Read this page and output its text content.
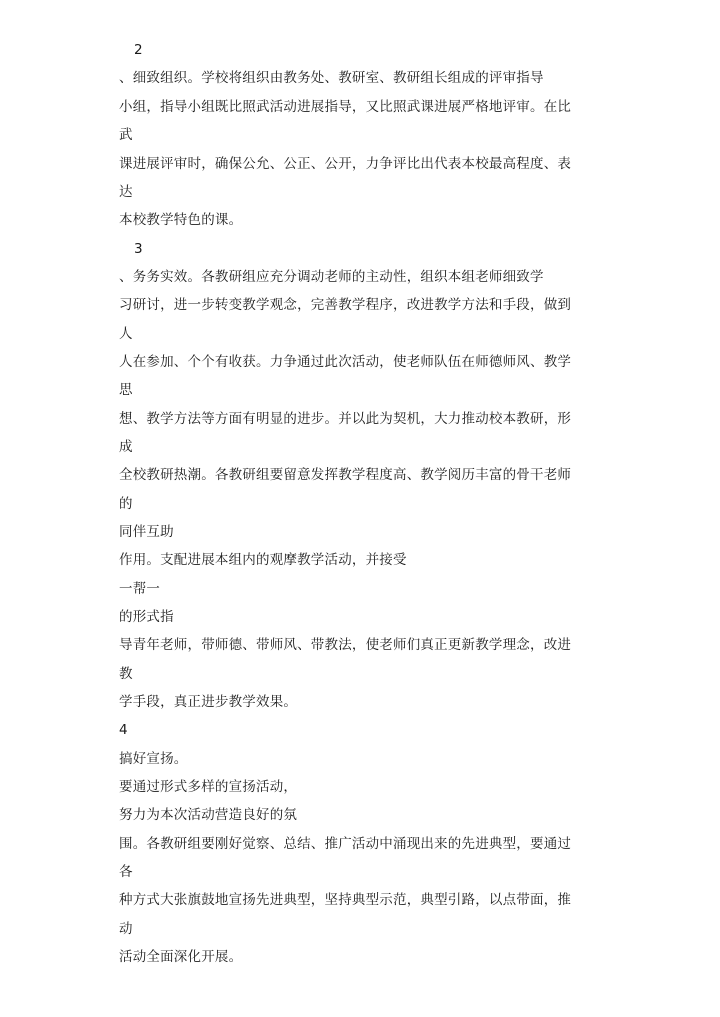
2
、细致组织。学校将组织由教务处、教研室、教研组长组成的评审指导
小组，指导小组既比照武活动进展指导，又比照武课进展严格地评审。在比
武
课进展评审时，确保公允、公正、公开，力争评比出代表本校最高程度、表
达
本校教学特色的课。
3
、务务实效。各教研组应充分调动老师的主动性，组织本组老师细致学
习研讨，进一步转变教学观念，完善教学程序，改进教学方法和手段，做到
人
人在参加、个个有收获。力争通过此次活动，使老师队伍在师德师风、教学
思
想、教学方法等方面有明显的进步。并以此为契机，大力推动校本教研，形
成
全校教研热潮。各教研组要留意发挥教学程度高、教学阅历丰富的骨干老师
的
同伴互助
作用。支配进展本组内的观摩教学活动，并接受
一帮一
的形式指
导青年老师，带师德、带师风、带教法，使老师们真正更新教学理念，改进
教
学手段，真正进步教学效果。
4
搞好宣扬。
要通过形式多样的宣扬活动，
努力为本次活动营造良好的氛
围。各教研组要刚好觉察、总结、推广活动中涌现出来的先进典型，要通过
各
种方式大张旗鼓地宣扬先进典型，坚持典型示范，典型引路，以点带面，推
动
活动全面深化开展。
